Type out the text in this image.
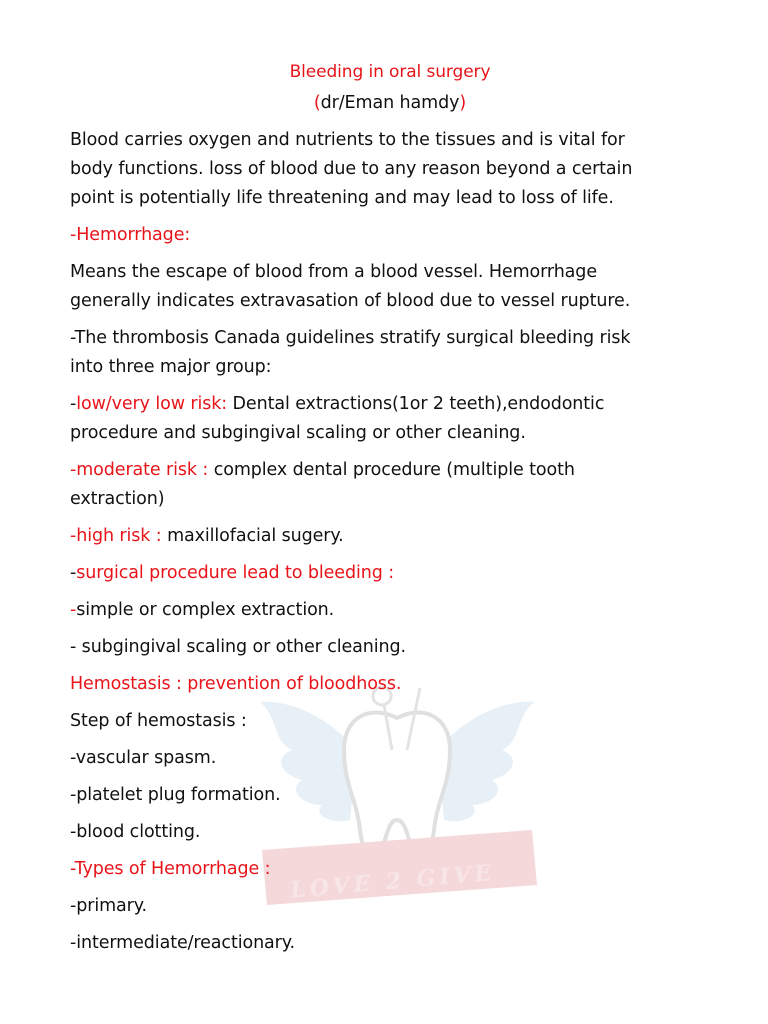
LOVE 2 GIVE
Bleeding in oral surgery
(dr/Eman hamdy)
Blood carries oxygen and nutrients to the tissues and is vital for
body functions. loss of blood due to any reason beyond a certain
point is potentially life threatening and may lead to loss of life.
-Hemorrhage:
Means the escape of blood from a blood vessel. Hemorrhage
generally indicates extravasation of blood due to vessel rupture.
-The thrombosis Canada guidelines stratify surgical bleeding risk
into three major group:
-low/very low risk: Dental extractions(1or 2 teeth),endodontic
procedure and subgingival scaling or other cleaning.
-moderate risk : complex dental procedure (multiple tooth
extraction)
-high risk : maxillofacial sugery.
-surgical procedure lead to bleeding :
-simple or complex extraction.
- subgingival scaling or other cleaning.
Hemostasis : prevention of bloodhoss.
Step of hemostasis :
-vascular spasm.
-platelet plug formation.
-blood clotting.
-Types of Hemorrhage :
-primary.
-intermediate/reactionary.
